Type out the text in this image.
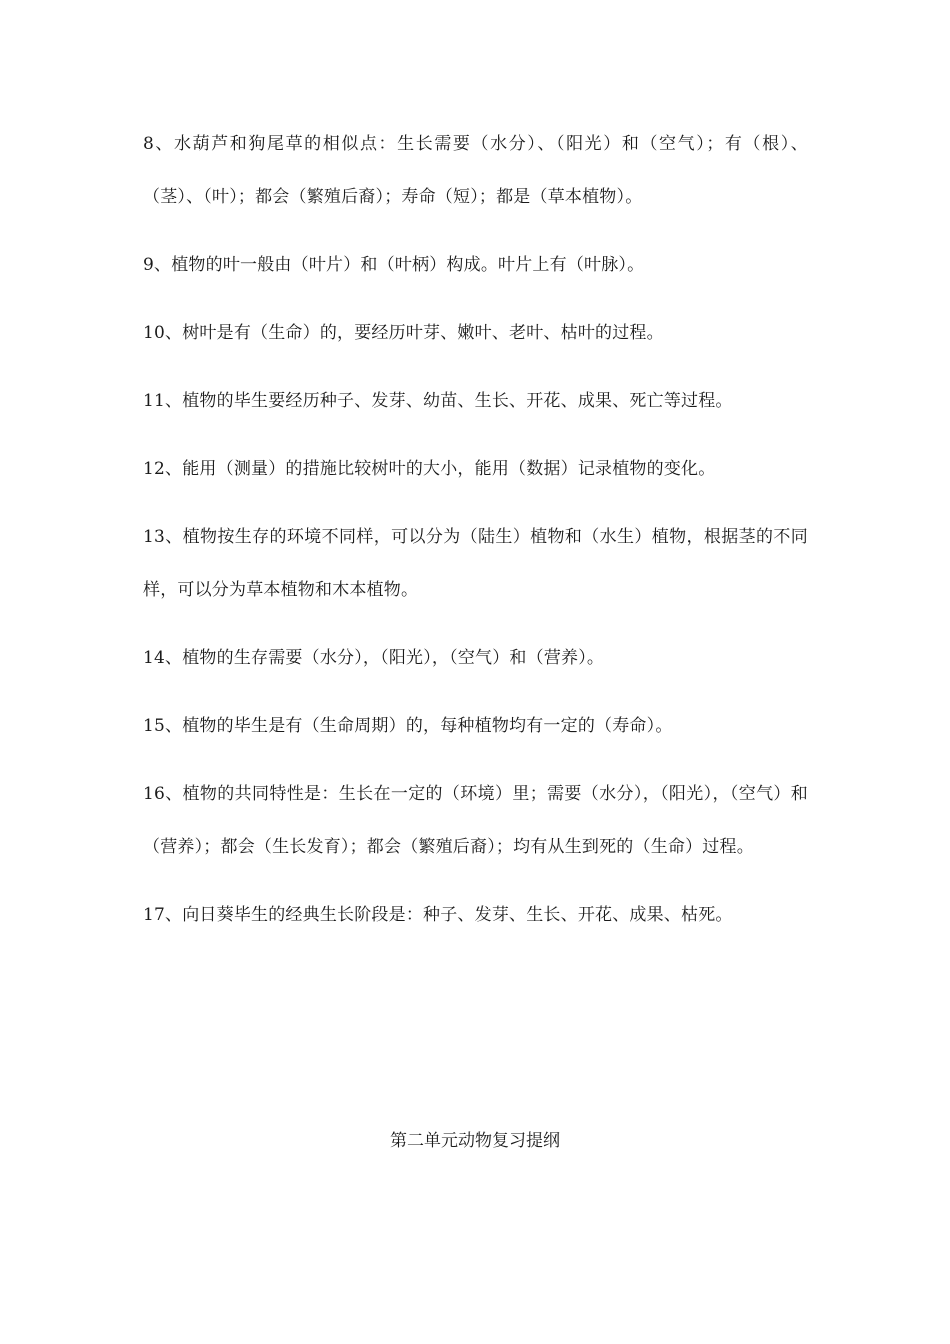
8、水葫芦和狗尾草的相似点：生长需要（水分）、（阳光）和（空气）；有（根）、（茎）、（叶）；都会（繁殖后裔）；寿命（短）；都是（草本植物）。

9、植物的叶一般由（叶片）和（叶柄）构成。叶片上有（叶脉）。

10、树叶是有（生命）的，要经历叶芽、嫩叶、老叶、枯叶的过程。

11、植物的毕生要经历种子、发芽、幼苗、生长、开花、成果、死亡等过程。

12、能用（测量）的措施比较树叶的大小，能用（数据）记录植物的变化。

13、植物按生存的环境不同样，可以分为（陆生）植物和（水生）植物，根据茎的不同样，可以分为草本植物和木本植物。

14、植物的生存需要（水分），（阳光），（空气）和（营养）。

15、植物的毕生是有（生命周期）的，每种植物均有一定的（寿命）。

16、植物的共同特性是：生长在一定的（环境）里；需要（水分），（阳光），（空气）和（营养）；都会（生长发育）；都会（繁殖后裔）；均有从生到死的（生命）过程。

17、向日葵毕生的经典生长阶段是：种子、发芽、生长、开花、成果、枯死。

第二单元动物复习提纲
